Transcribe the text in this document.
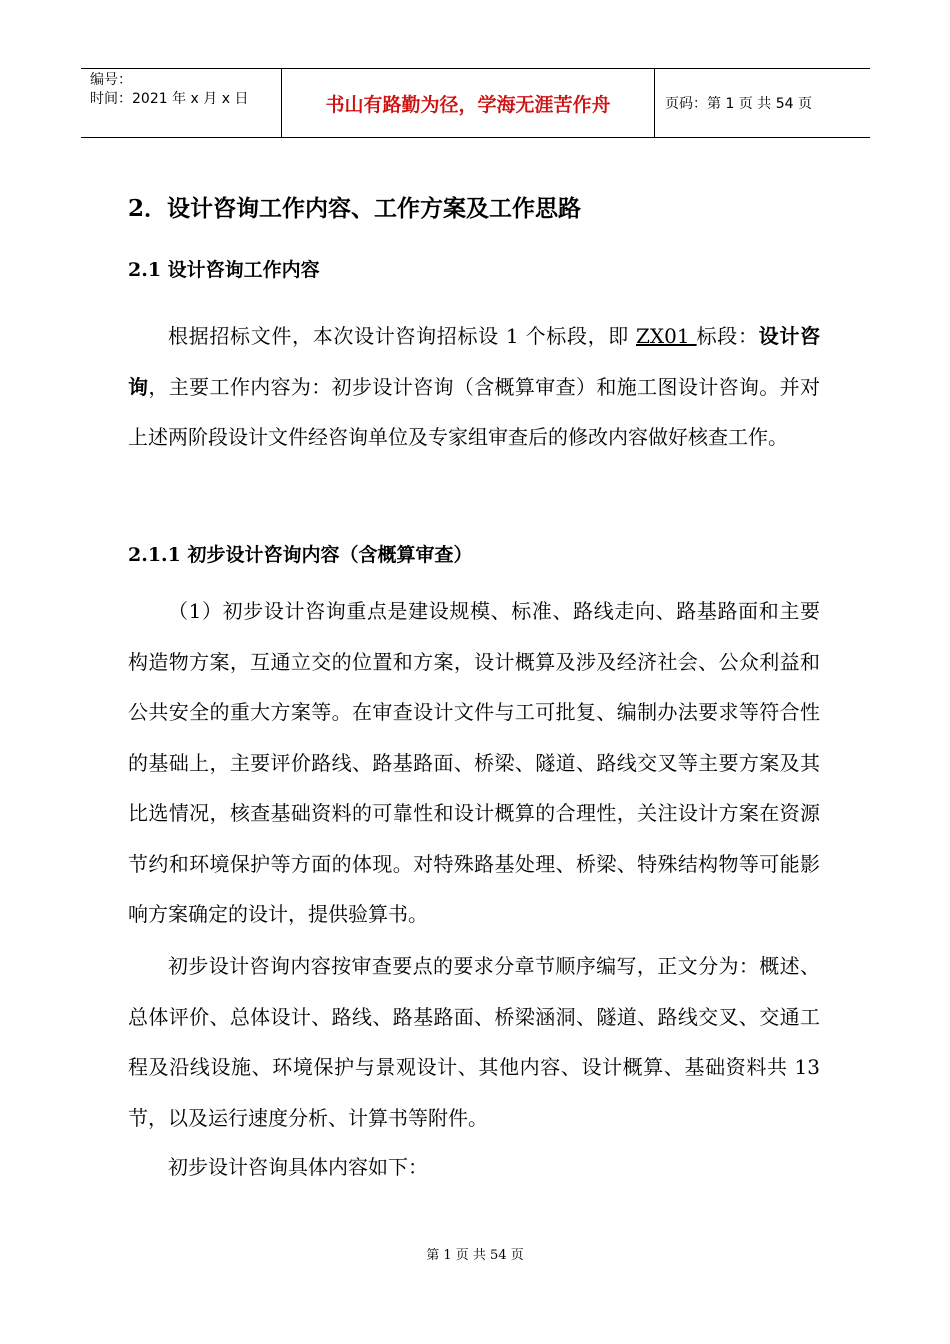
编号：
时间：2021 年 x 月 x 日	书山有路勤为径，学海无涯苦作舟	页码：第 1 页 共 54 页
2．设计咨询工作内容、工作方案及工作思路
2.1 设计咨询工作内容

根据招标文件，本次设计咨询招标设 1 个标段，即 ZX01 标段：设计咨询，主要工作内容为：初步设计咨询（含概算审查）和施工图设计咨询。并对上述两阶段设计文件经咨询单位及专家组审查后的修改内容做好核查工作。

2.1.1 初步设计咨询内容（含概算审查）

（1）初步设计咨询重点是建设规模、标准、路线走向、路基路面和主要构造物方案，互通立交的位置和方案，设计概算及涉及经济社会、公众利益和公共安全的重大方案等。在审查设计文件与工可批复、编制办法要求等符合性的基础上，主要评价路线、路基路面、桥梁、隧道、路线交叉等主要方案及其比选情况，核查基础资料的可靠性和设计概算的合理性，关注设计方案在资源节约和环境保护等方面的体现。对特殊路基处理、桥梁、特殊结构物等可能影响方案确定的设计，提供验算书。

初步设计咨询内容按审查要点的要求分章节顺序编写，正文分为：概述、总体评价、总体设计、路线、路基路面、桥梁涵洞、隧道、路线交叉、交通工程及沿线设施、环境保护与景观设计、其他内容、设计概算、基础资料共 13 节，以及运行速度分析、计算书等附件。

初步设计咨询具体内容如下：

第 1 页 共 54 页
